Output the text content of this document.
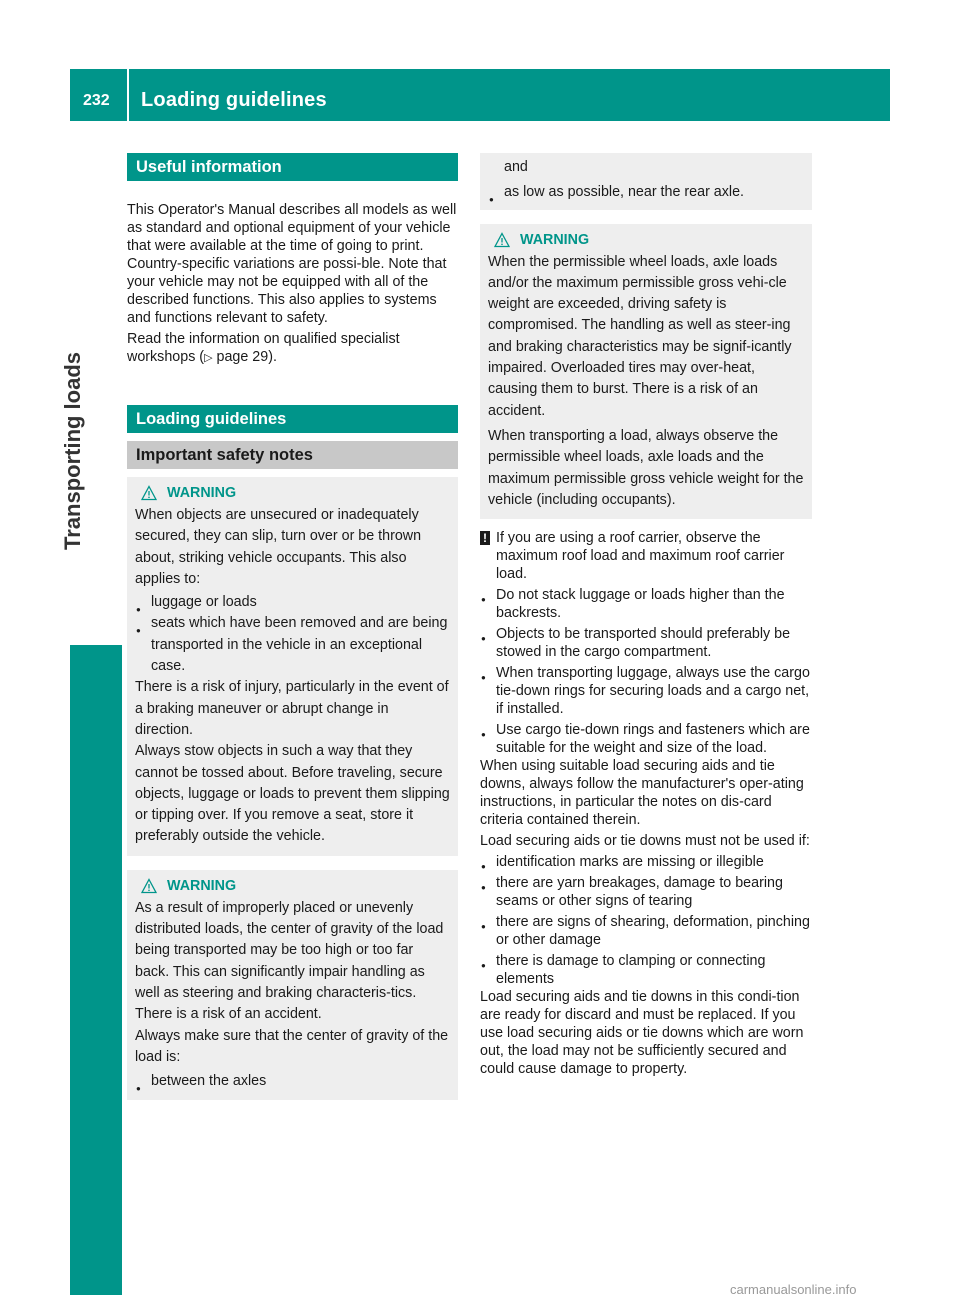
232 Loading guidelines
Transporting loads
Useful information
This Operator's Manual describes all models as well as standard and optional equipment of your vehicle that were available at the time of going to print. Country-specific variations are possi-ble. Note that your vehicle may not be equipped with all of the described functions. This also applies to systems and functions relevant to safety.
Read the information on qualified specialist workshops (▷ page 29).
Loading guidelines
Important safety notes
WARNING
When objects are unsecured or inadequately secured, they can slip, turn over or be thrown about, striking vehicle occupants. This also applies to:
● luggage or loads
● seats which have been removed and are being transported in the vehicle in an exceptional case.
There is a risk of injury, particularly in the event of a braking maneuver or abrupt change in direction.
Always stow objects in such a way that they cannot be tossed about. Before traveling, secure objects, luggage or loads to prevent them slipping or tipping over. If you remove a seat, store it preferably outside the vehicle.
WARNING
As a result of improperly placed or unevenly distributed loads, the center of gravity of the load being transported may be too high or too far back. This can significantly impair handling as well as steering and braking characteris-tics. There is a risk of an accident.
Always make sure that the center of gravity of the load is:
● between the axles
and
● as low as possible, near the rear axle.
WARNING
When the permissible wheel loads, axle loads and/or the maximum permissible gross vehi-cle weight are exceeded, driving safety is compromised. The handling as well as steer-ing and braking characteristics may be signif-icantly impaired. Overloaded tires may over-heat, causing them to burst. There is a risk of an accident.
When transporting a load, always observe the permissible wheel loads, axle loads and the maximum permissible gross vehicle weight for the vehicle (including occupants).
! If you are using a roof carrier, observe the maximum roof load and maximum roof carrier load.
● Do not stack luggage or loads higher than the backrests.
● Objects to be transported should preferably be stowed in the cargo compartment.
● When transporting luggage, always use the cargo tie-down rings for securing loads and a cargo net, if installed.
● Use cargo tie-down rings and fasteners which are suitable for the weight and size of the load.
When using suitable load securing aids and tie downs, always follow the manufacturer's oper-ating instructions, in particular the notes on dis-card criteria contained therein.
Load securing aids or tie downs must not be used if:
● identification marks are missing or illegible
● there are yarn breakages, damage to bearing seams or other signs of tearing
● there are signs of shearing, deformation, pinching or other damage
● there is damage to clamping or connecting elements
Load securing aids and tie downs in this condi-tion are ready for discard and must be replaced. If you use load securing aids or tie downs which are worn out, the load may not be sufficiently secured and could cause damage to property.
carmanualsonline.info
